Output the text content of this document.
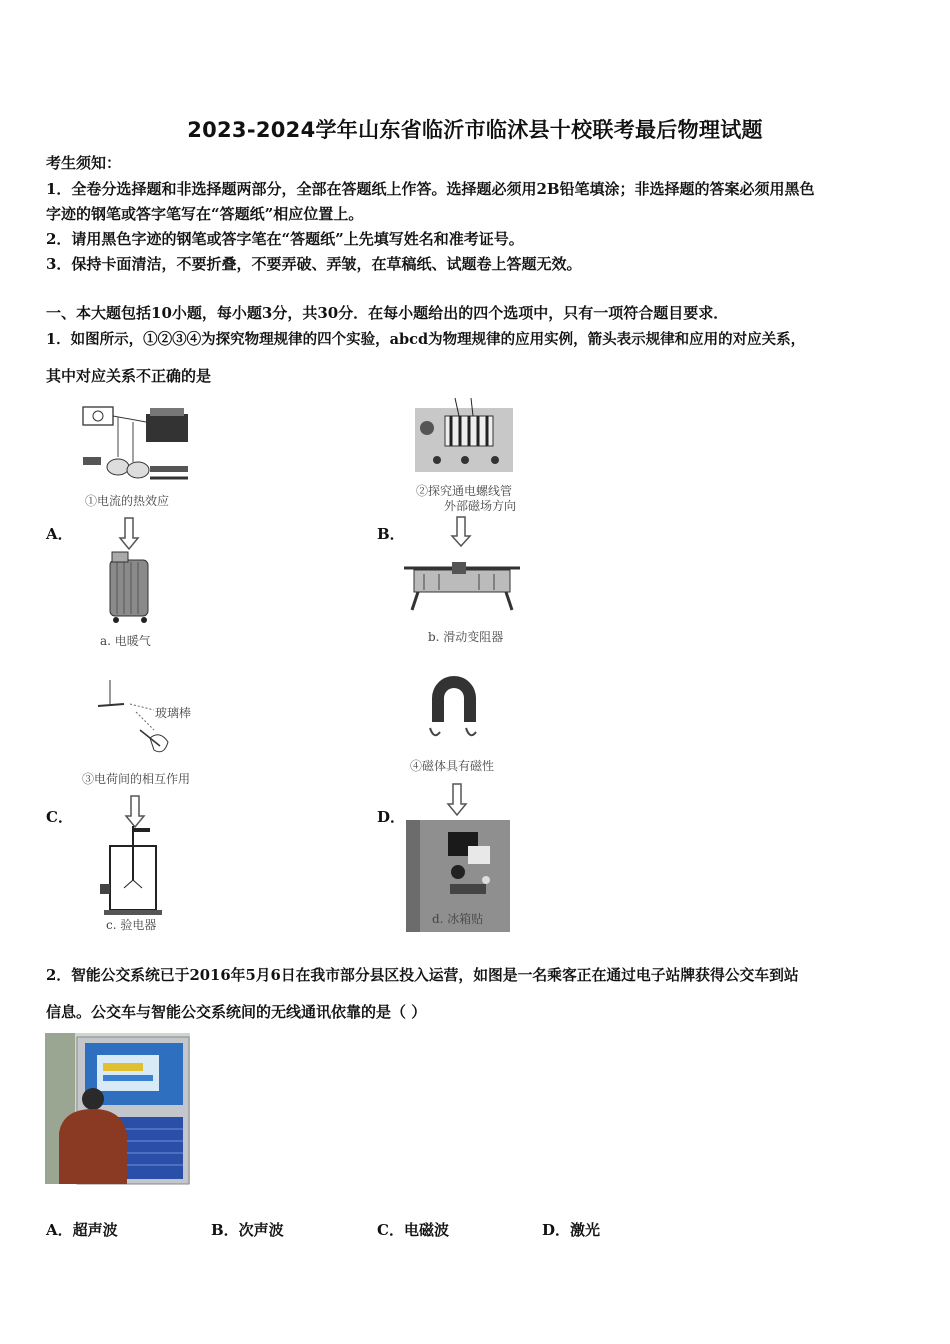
2023-2024学年山东省临沂市临沭县十校联考最后物理试题
考生须知：
1．全卷分选择题和非选择题两部分，全部在答题纸上作答。选择题必须用2B铅笔填涂；非选择题的答案必须用黑色
字迹的钢笔或答字笔写在“答题纸”相应位置上。
2．请用黑色字迹的钢笔或答字笔在“答题纸”上先填写姓名和准考证号。
3．保持卡面清洁，不要折叠，不要弄破、弄皱，在草稿纸、试题卷上答题无效。
一、本大题包括10小题，每小题3分，共30分．在每小题给出的四个选项中，只有一项符合题目要求．
1．如图所示，①②③④为探究物理规律的四个实验，abcd为物理规律的应用实例，箭头表示规律和应用的对应关系，
其中对应关系不正确的是
A．
①电流的热效应
a. 电暖气
B．
②探究通电螺线管
外部磁场方向
b. 滑动变阻器
C．
玻璃棒
③电荷间的相互作用
c. 验电器
D．
④磁体具有磁性
d. 冰箱贴
2．智能公交系统已于2016年5月6日在我市部分县区投入运营，如图是一名乘客正在通过电子站牌获得公交车到站
信息。公交车与智能公交系统间的无线通讯依靠的是（ ）
A．超声波	B．次声波	C．电磁波	D．激光
